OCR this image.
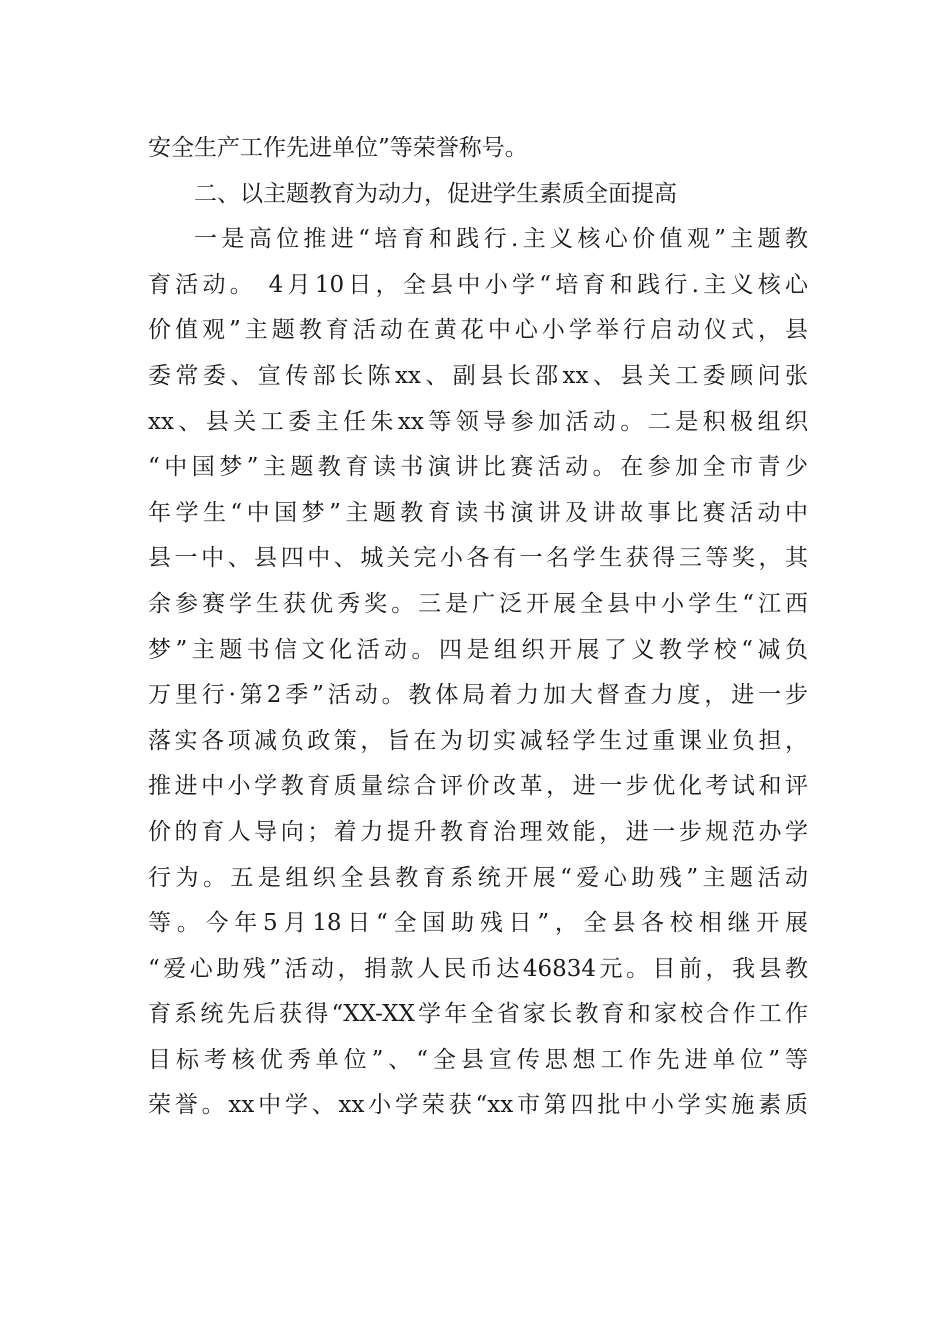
安全生产工作先进单位”等荣誉称号。
二、以主题教育为动力，促进学生素质全面提高
一是高位推进“培育和践行.主义核心价值观”主题教
育活动。 4月10日，全县中小学“培育和践行.主义核心
价值观”主题教育活动在黄花中心小学举行启动仪式，县
委常委、宣传部长陈xx、副县长邵xx、县关工委顾问张
xx、县关工委主任朱xx等领导参加活动。二是积极组织
“中国梦”主题教育读书演讲比赛活动。在参加全市青少
年学生“中国梦”主题教育读书演讲及讲故事比赛活动中
县一中、县四中、城关完小各有一名学生获得三等奖，其
余参赛学生获优秀奖。三是广泛开展全县中小学生“江西
梦”主题书信文化活动。四是组织开展了义教学校“减负
万里行·第2季”活动。教体局着力加大督查力度，进一步
落实各项减负政策，旨在为切实减轻学生过重课业负担，
推进中小学教育质量综合评价改革，进一步优化考试和评
价的育人导向；着力提升教育治理效能，进一步规范办学
行为。五是组织全县教育系统开展“爱心助残”主题活动
等。今年5月18日“全国助残日”，全县各校相继开展
“爱心助残”活动，捐款人民币达46834元。目前，我县教
育系统先后获得“XX-XX学年全省家长教育和家校合作工作
目标考核优秀单位”、“全县宣传思想工作先进单位”等
荣誉。xx中学、xx小学荣获“xx市第四批中小学实施素质
